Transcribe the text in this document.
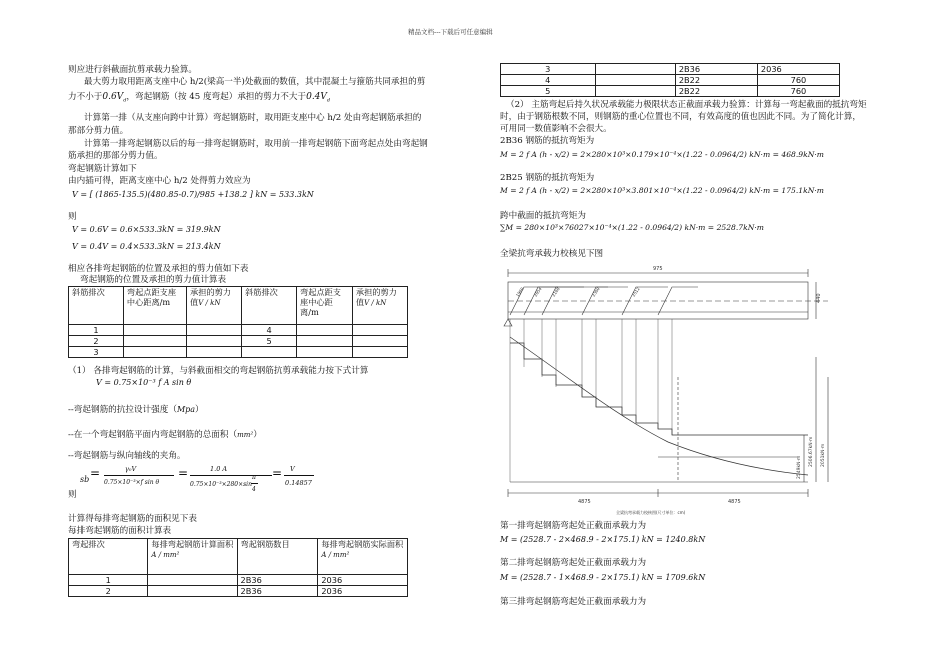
精品文档---下载后可任意编辑
则应进行斜截面抗剪承载力验算。
最大剪力取用距离支座中心 h/2(梁高一半)处截面的数值，其中混凝土与箍筋共同承担的剪
力不小于$0.6V_d$，弯起钢筋（按 45 度弯起）承担的剪力不大于$0.4V_d$
计算第一排（从支座向跨中计算）弯起钢筋时，取用距支座中心 h/2 处由弯起钢筋承担的
那部分剪力值。
计算第一排弯起钢筋以后的每一排弯起钢筋时，取用前一排弯起钢筋下面弯起点处由弯起钢
筋承担的那部分剪力值。
弯起钢筋计算如下
由内插可得，距离支座中心 h/2 处得剪力效应为
V = [ (1865-135.5)(480.85-0.7)/985 +138.2 ] kN = 533.3kN
则
V = 0.6V = 0.6×533.3kN = 319.9kN
V = 0.4V = 0.4×533.3kN = 213.4kN
相应各排弯起钢筋的位置及承担的剪力值如下表
弯起钢筋的位置及承担的剪力值计算表
斜筋排次	弯起点距支座中心距离/m	承担的剪力值V / kN	斜筋排次	弯起点距支座中心距离/m	承担的剪力值V / kN
1			4		
2			5		
3					
（1） 各排弯起钢筋的计算，与斜截面相交的弯起钢筋抗剪承载能力按下式计算
V = 0.75×10⁻³ f A sin θ
--弯起钢筋的抗拉设计强度（Mpa）
--在一个弯起钢筋平面内弯起钢筋的总面积（mm²）
--弯起钢筋与纵向轴线的夹角。
sb =	γ₀V
0.75×10⁻³×f sin θ
=	1.0 A
0.75×10⁻³×280×sin
π
4
= V
0.14857
则
计算得每排弯起钢筋的面积见下表
每排弯起钢筋的面积计算表
弯起排次	每排弯起钢筋计算面积A / mm²	弯起钢筋数目	每排弯起钢筋实际面积A / mm²
1		2B36	2036
2		2B36	2036
3		2B36	2036
4		2B22	760
5		2B22	760
（2） 主筋弯起后持久状况承载能力极限状态正截面承载力验算：计算每一弯起截面的抵抗弯矩
时，由于钢筋根数不同，则钢筋的重心位置也不同，有效高度的值也因此不同。为了简化计算，
可用同一数值影响不会很大。
2B36 钢筋的抵抗弯矩为
M = 2 f A (h - x/2) = 2×280×10³×0.179×10⁻⁴×(1.22 - 0.0964/2) kN·m = 468.9kN·m
2B25 钢筋的抵抗弯矩为
M = 2 f A (h - x/2) = 2×280×10³×3.801×10⁻⁴×(1.22 - 0.0964/2) kN·m = 175.1kN·m
跨中截面的抵抗弯矩为
∑M = 280×10³×76027×10⁻⁴×(1.22 - 0.0964/2) kN·m = 2528.7kN·m
全梁抗弯承载力校核见下图
975
440
4875	4875
2549kN·m
2506.67kN·m 2051kN·m
1960 2054 2168	2300	2512
全梁抗弯承载力校核图(尺寸单位：cm)
第一排弯起钢筋弯起处正截面承载力为
M = (2528.7 - 2×468.9 - 2×175.1) kN = 1240.8kN
第二排弯起钢筋弯起处正截面承载力为
M = (2528.7 - 1×468.9 - 2×175.1) kN = 1709.6kN
第三排弯起钢筋弯起处正截面承载力为
